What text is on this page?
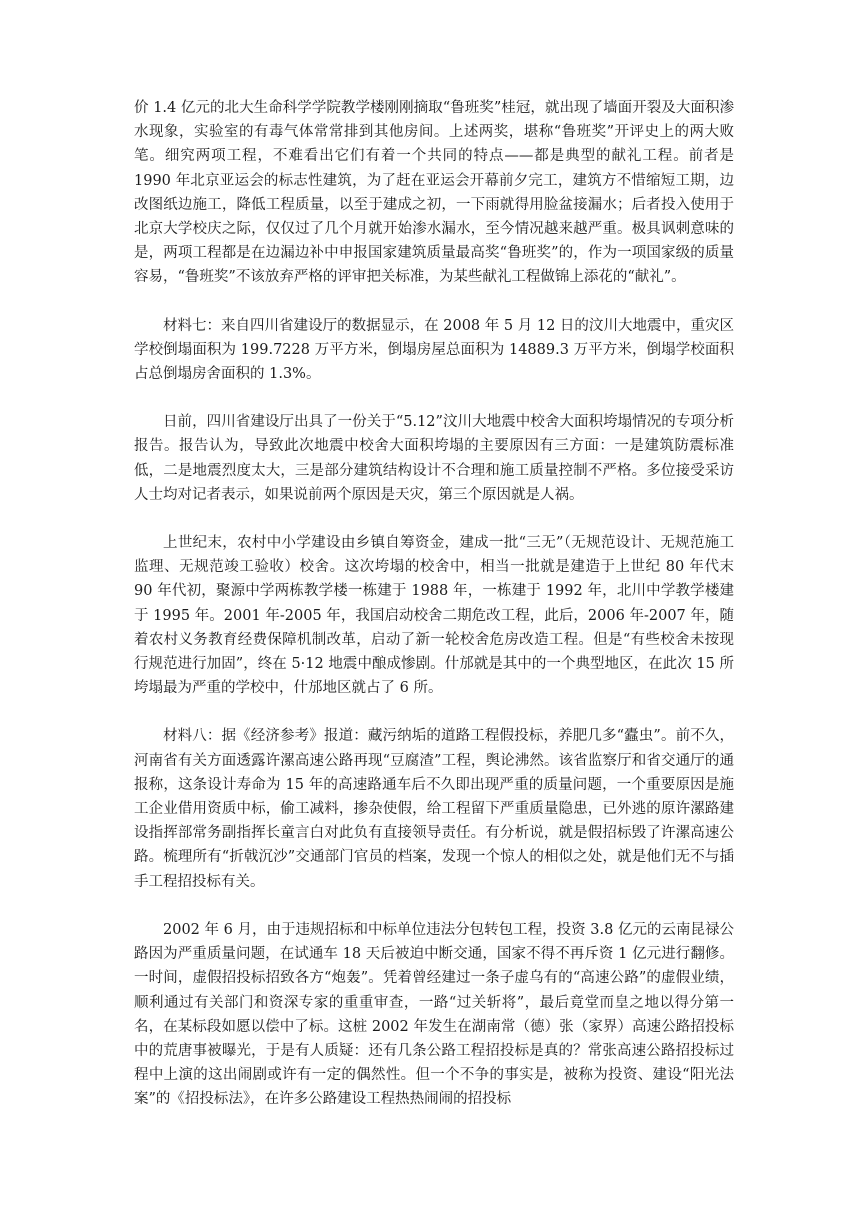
价 1.4 亿元的北大生命科学学院教学楼刚刚摘取“鲁班奖”桂冠，就出现了墙面开裂及大面积渗水现象，实验室的有毒气体常常排到其他房间。上述两奖，堪称“鲁班奖”开评史上的两大败笔。细究两项工程，不难看出它们有着一个共同的特点——都是典型的献礼工程。前者是 1990 年北京亚运会的标志性建筑，为了赶在亚运会开幕前夕完工，建筑方不惜缩短工期，边改图纸边施工，降低工程质量，以至于建成之初，一下雨就得用脸盆接漏水；后者投入使用于北京大学校庆之际，仅仅过了几个月就开始渗水漏水，至今情况越来越严重。极具讽刺意味的是，两项工程都是在边漏边补中申报国家建筑质量最高奖“鲁班奖”的，作为一项国家级的质量容易，“鲁班奖”不该放弃严格的评审把关标准，为某些献礼工程做锦上添花的“献礼”。

材料七：来自四川省建设厅的数据显示，在 2008 年 5 月 12 日的汶川大地震中，重灾区学校倒塌面积为 199.7228 万平方米，倒塌房屋总面积为 14889.3 万平方米，倒塌学校面积占总倒塌房舍面积的 1.3%。

日前，四川省建设厅出具了一份关于“5.12”汶川大地震中校舍大面积垮塌情况的专项分析报告。报告认为，导致此次地震中校舍大面积垮塌的主要原因有三方面：一是建筑防震标准低，二是地震烈度太大，三是部分建筑结构设计不合理和施工质量控制不严格。多位接受采访人士均对记者表示，如果说前两个原因是天灾，第三个原因就是人祸。

上世纪末，农村中小学建设由乡镇自筹资金，建成一批“三无”（无规范设计、无规范施工监理、无规范竣工验收）校舍。这次垮塌的校舍中，相当一批就是建造于上世纪 80 年代末 90 年代初，聚源中学两栋教学楼一栋建于 1988 年，一栋建于 1992 年，北川中学教学楼建于 1995 年。2001 年-2005 年，我国启动校舍二期危改工程，此后，2006 年-2007 年，随着农村义务教育经费保障机制改革，启动了新一轮校舍危房改造工程。但是“有些校舍未按现行规范进行加固”，终在 5·12 地震中酿成惨剧。什邡就是其中的一个典型地区，在此次 15 所垮塌最为严重的学校中，什邡地区就占了 6 所。

材料八：据《经济参考》报道：藏污纳垢的道路工程假投标，养肥几多“蠹虫”。前不久，河南省有关方面透露许漯高速公路再现“豆腐渣”工程，舆论沸然。该省监察厅和省交通厅的通报称，这条设计寿命为 15 年的高速路通车后不久即出现严重的质量问题，一个重要原因是施工企业借用资质中标，偷工减料，掺杂使假，给工程留下严重质量隐患，已外逃的原许漯路建设指挥部常务副指挥长童言白对此负有直接领导责任。有分析说，就是假招标毁了许漯高速公路。梳理所有“折戟沉沙”交通部门官员的档案，发现一个惊人的相似之处，就是他们无不与插手工程招投标有关。

2002 年 6 月，由于违规招标和中标单位违法分包转包工程，投资 3.8 亿元的云南昆禄公路因为严重质量问题，在试通车 18 天后被迫中断交通，国家不得不再斥资 1 亿元进行翻修。一时间，虚假招投标招致各方“炮轰”。凭着曾经建过一条子虚乌有的“高速公路”的虚假业绩，顺利通过有关部门和资深专家的重重审查，一路“过关斩将”，最后竟堂而皇之地以得分第一名，在某标段如愿以偿中了标。这桩 2002 年发生在湖南常（德）张（家界）高速公路招投标中的荒唐事被曝光，于是有人质疑：还有几条公路工程招投标是真的？常张高速公路招投标过程中上演的这出闹剧或许有一定的偶然性。但一个不争的事实是，被称为投资、建设“阳光法案”的《招投标法》，在许多公路建设工程热热闹闹的招投标
